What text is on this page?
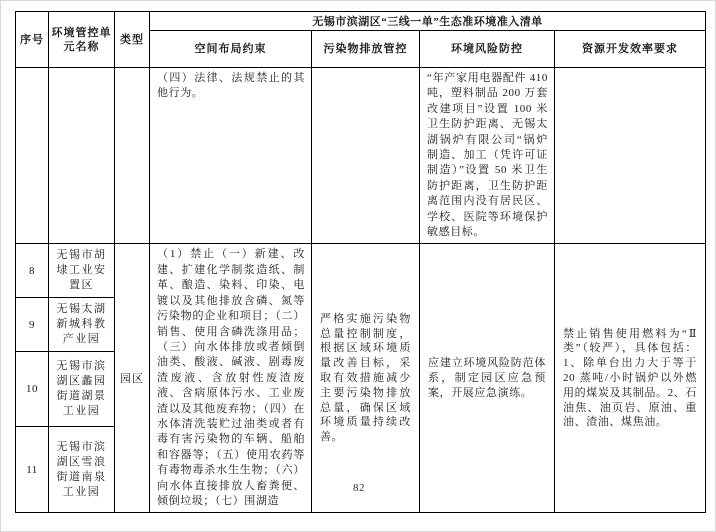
序号	环境管控单元名称	类型	无锡市滨湖区“三线一单”生态准环境准入清单			
			空间布局约束	污染物排放管控	环境风险防控	资源开发效率要求
			（四）法律、法规禁止的其他行为。		“年产家用电器配件 410 吨，塑料制品 200 万套改建项目”设置 100 米卫生防护距离、无锡太湖锅炉有限公司“锅炉制造、加工（凭许可证制造）”设置 50 米卫生防护距离，卫生防护距离范围内没有居民区、学校、医院等环境保护敏感目标。	
8	无锡市胡埭工业安置区	园区	（1）禁止（一）新建、改建、扩建化学制浆造纸、制革、酿造、染料、印染、电镀以及其他排放含磷、氮等污染物的企业和项目；（二）销售、使用含磷洗涤用品；（三）向水体排放或者倾倒油类、酸液、碱液、剧毒废渣废液、含放射性废渣废液、含病原体污水、工业废渣以及其他废弃物；（四）在水体清洗装贮过油类或者有毒有害污染物的车辆、船舶和容器等；（五）使用农药等有毒物毒杀水生生物；（六）向水体直接排放人畜粪便、倾倒垃圾；（七）围湖造	严格实施污染物总量控制制度，根据区域环境质量改善目标，采取有效措施减少主要污染物排放总量，确保区域环境质量持续改善。	应建立环境风险防范体系，制定园区应急预案，开展应急演练。	禁止销售使用燃料为“Ⅱ类”（较严），具体包括：1、除单台出力大于等于 20 蒸吨/小时锅炉以外燃用的煤炭及其制品。2、石油焦、油页岩、原油、重油、渣油、煤焦油。
9	无锡太湖新城科教产业园					
10	无锡市滨湖区蠡园街道湖景工业园					
11	无锡市滨湖区雪浪街道南泉工业园						82
